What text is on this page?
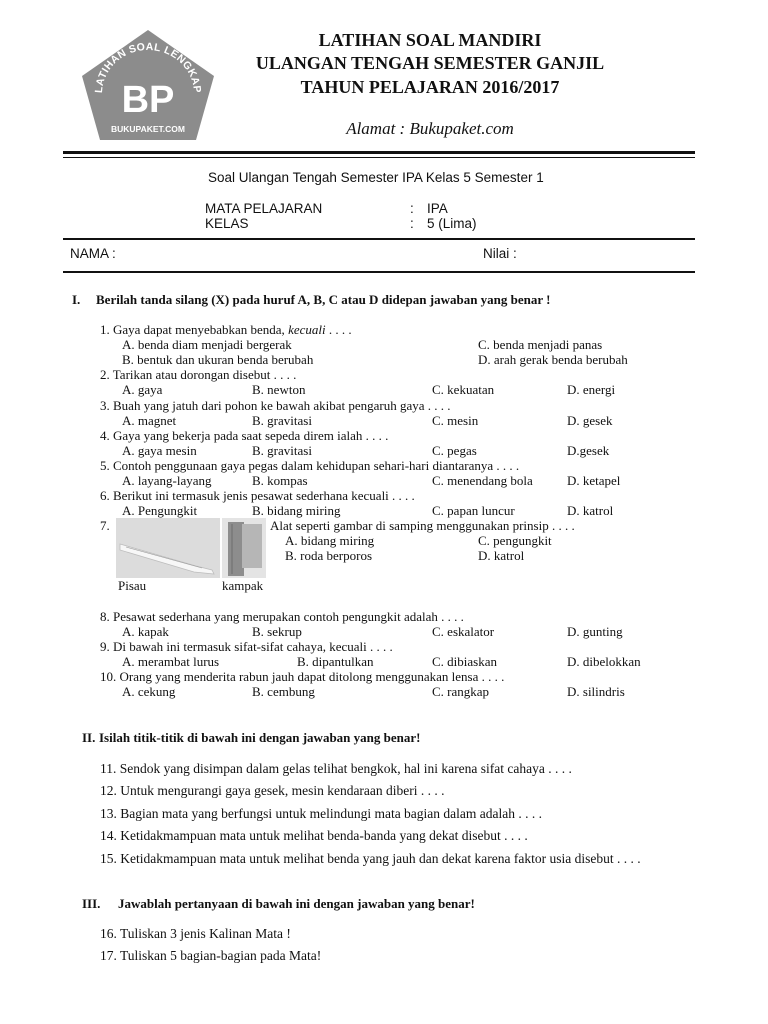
LATIHAN SOAL LENGKAP
BP
BUKUPAKET.COM
LATIHAN SOAL MANDIRI
ULANGAN TENGAH SEMESTER GANJIL
TAHUN PELAJARAN 2016/2017
Alamat : Bukupaket.com
Soal Ulangan Tengah Semester IPA Kelas 5 Semester 1
MATA PELAJARAN	: IPA
KELAS	: 5 (Lima)
NAMA :	Nilai :
I. Berilah tanda silang (X) pada huruf A, B, C atau D didepan jawaban yang benar !
1. Gaya dapat menyebabkan benda, kecuali . . . .
A. benda diam menjadi bergerak	C. benda menjadi panas
B. bentuk dan ukuran benda berubah	D. arah gerak benda berubah
2. Tarikan atau dorongan disebut . . . .
A. gaya	B. newton	C. kekuatan	D. energi
3. Buah yang jatuh dari pohon ke bawah akibat pengaruh gaya . . . .
A. magnet	B. gravitasi	C. mesin	D. gesek
4. Gaya yang bekerja pada saat sepeda direm ialah . . . .
A. gaya mesin	B. gravitasi	C. pegas	D.gesek
5. Contoh penggunaan gaya pegas dalam kehidupan sehari-hari diantaranya . . . .
A. layang-layang	B. kompas	C. menendang bola	D. ketapel
6. Berikut ini termasuk jenis pesawat sederhana kecuali . . . .
A. Pengungkit	B. bidang miring	C. papan luncur	D. katrol
7.	Alat seperti gambar di samping menggunakan prinsip . . . .
A. bidang miring	C. pengungkit
B. roda berporos	D. katrol
Pisau	kampak
8. Pesawat sederhana yang merupakan contoh pengungkit adalah . . . .
A. kapak	B. sekrup	C. eskalator	D. gunting
9. Di bawah ini termasuk sifat-sifat cahaya, kecuali . . . .
A. merambat lurus	B. dipantulkan	C. dibiaskan	D. dibelokkan
10. Orang yang menderita rabun jauh dapat ditolong menggunakan lensa . . . .
A. cekung	B. cembung	C. rangkap	D. silindris
II. Isilah titik-titik di bawah ini dengan jawaban yang benar!
11. Sendok yang disimpan dalam gelas telihat bengkok, hal ini karena sifat cahaya . . . .
12. Untuk mengurangi gaya gesek, mesin kendaraan diberi . . . .
13. Bagian mata yang berfungsi untuk melindungi mata bagian dalam adalah . . . .
14. Ketidakmampuan mata untuk melihat benda-banda yang dekat disebut . . . .
15. Ketidakmampuan mata untuk melihat benda yang jauh dan dekat karena faktor usia disebut . . . .
III. Jawablah pertanyaan di bawah ini dengan jawaban yang benar!
16. Tuliskan 3 jenis Kalinan Mata !
17. Tuliskan 5 bagian-bagian pada Mata!
